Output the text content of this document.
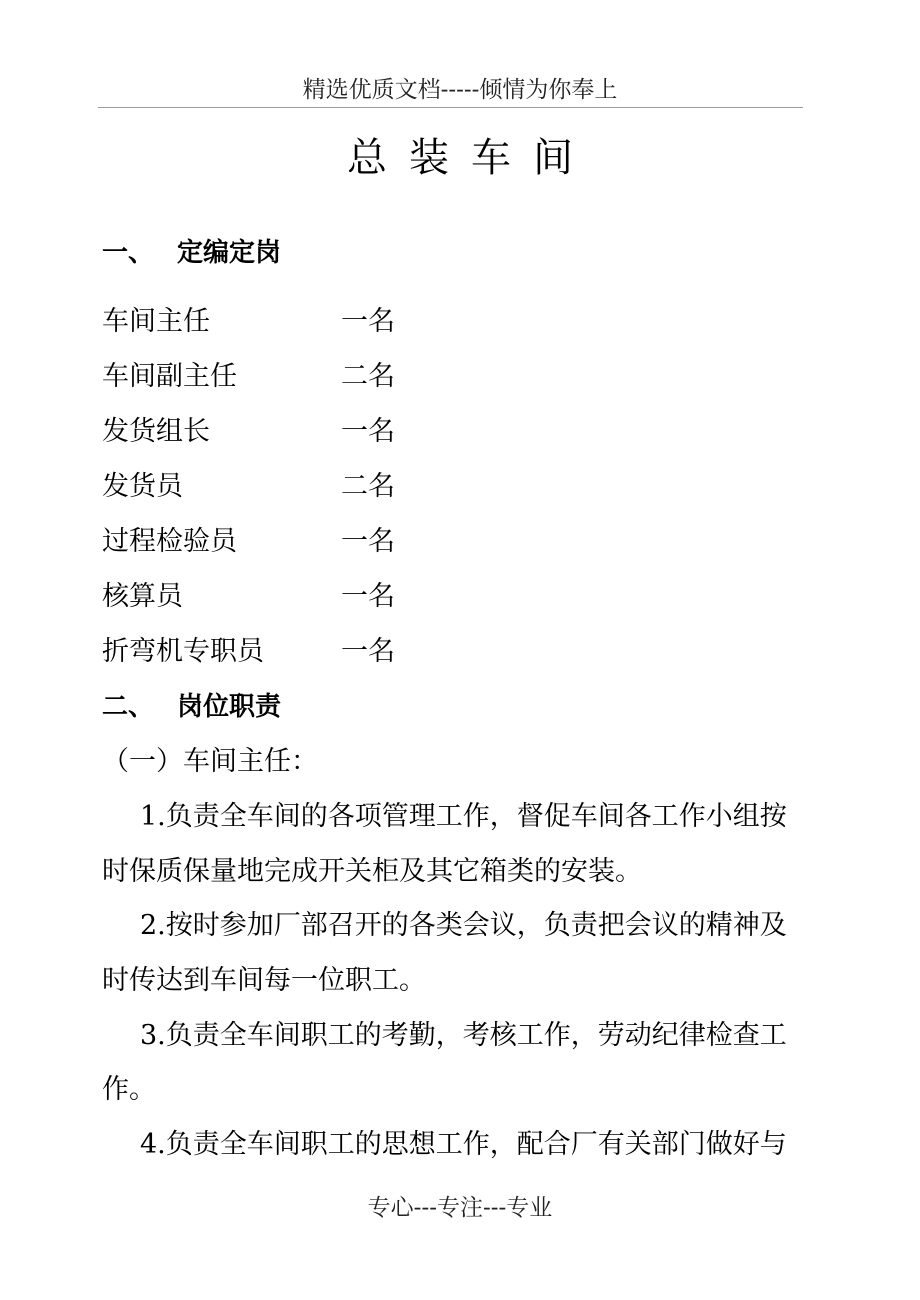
精选优质文档-----倾情为你奉上
总装车间
一、 定编定岗
车间主任	一名
车间副主任	二名
发货组长	一名
发货员	二名
过程检验员	一名
核算员	一名
折弯机专职员	一名
二、 岗位职责
（一）车间主任：
1.负责全车间的各项管理工作，督促车间各工作小组按
时保质保量地完成开关柜及其它箱类的安装。
2.按时参加厂部召开的各类会议，负责把会议的精神及
时传达到车间每一位职工。
3.负责全车间职工的考勤，考核工作，劳动纪律检查工
作。
4.负责全车间职工的思想工作，配合厂有关部门做好与
专心---专注---专业
